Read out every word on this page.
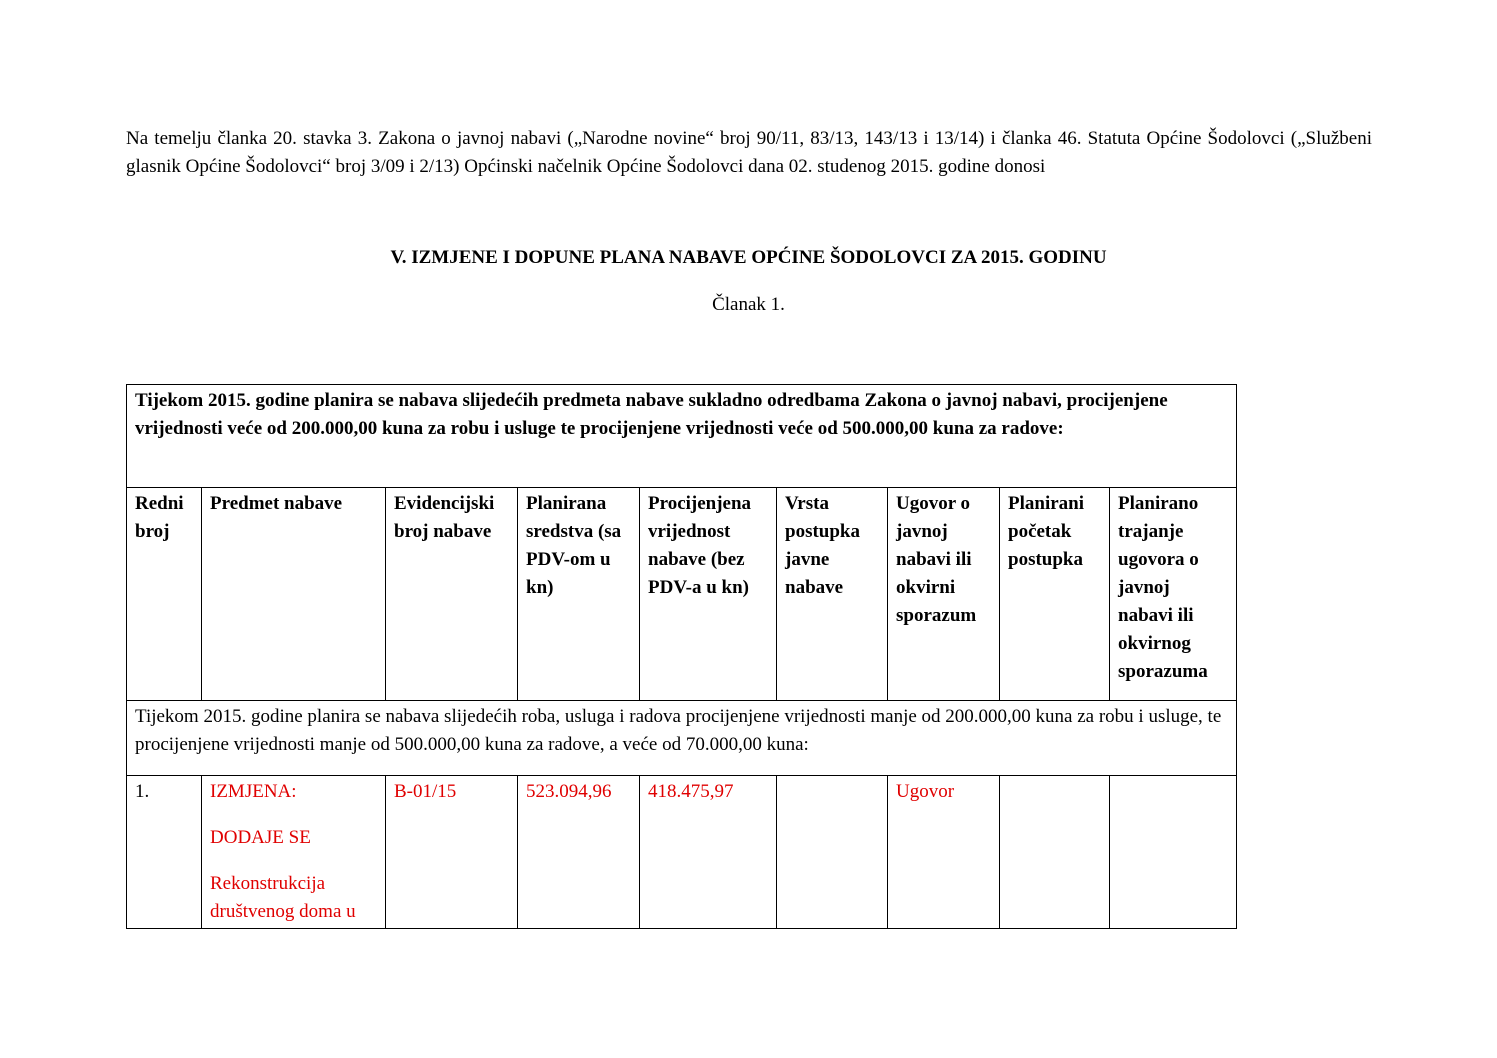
Na temelju članka 20. stavka 3. Zakona o javnoj nabavi („Narodne novine“ broj 90/11, 83/13, 143/13 i 13/14) i članka 46. Statuta Općine Šodolovci („Službeni glasnik Općine Šodolovci“ broj 3/09 i 2/13) Općinski načelnik Općine Šodolovci dana 02. studenog 2015. godine donosi
V. IZMJENE I DOPUNE PLANA NABAVE OPĆINE ŠODOLOVCI ZA 2015. GODINU
Članak 1.
Tijekom 2015. godine planira se nabava slijedećih predmeta nabave sukladno odredbama Zakona o javnoj nabavi, procijenjene vrijednosti veće od 200.000,00 kuna za robu i usluge te procijenjene vrijednosti veće od 500.000,00 kuna za radove:								
Redni broj	Predmet nabave	Evidencijski broj nabave	Planirana sredstva (sa PDV-om u kn)	Procijenjena vrijednost nabave (bez PDV-a u kn)	Vrsta postupka javne nabave	Ugovor o javnoj nabavi ili okvirni sporazum	Planirani početak postupka	Planirano trajanje ugovora o javnoj nabavi ili okvirnog sporazuma
Tijekom 2015. godine planira se nabava slijedećih roba, usluga i radova procijenjene vrijednosti manje od 200.000,00 kuna za robu i usluge, te procijenjene vrijednosti manje od 500.000,00 kuna za radove, a veće od 70.000,00 kuna:								
1.	IZMJENA:
DODAJE SE
Rekonstrukcija društvenog doma u	B-01/15	523.094,96	418.475,97		Ugovor		
